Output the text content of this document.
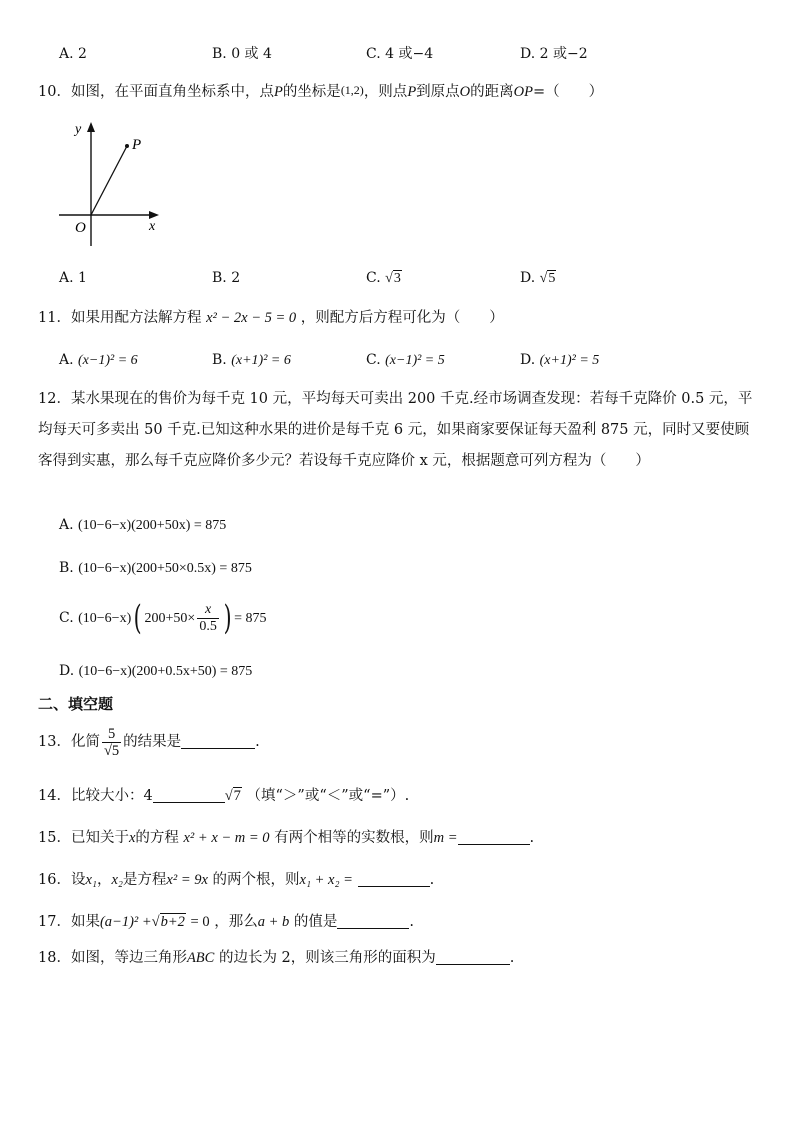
A. 2	B. 0 或 4	C. 4 或−4	D. 2 或−2
10．如图，在平面直角坐标系中，点P的坐标是(1,2)，则点P到原点O的距离OP=（　　）
y
P
x
O
A. 1	B. 2	C. √3	D. √5
11．如果用配方法解方程 x² − 2x − 5 = 0 ，则配方后方程可化为（　　）
A. (x−1)² = 6	B. (x+1)² = 6	C. (x−1)² = 5	D. (x+1)² = 5
12．某水果现在的售价为每千克 10 元，平均每天可卖出 200 千克.经市场调查发现：若每千克降价 0.5 元，平均每天可多卖出 50 千克.已知这种水果的进价是每千克 6 元，如果商家要保证每天盈利 875 元，同时又要使顾客得到实惠，那么每千克应降价多少元？若设每千克应降价 x 元，根据题意可列方程为（　　）
A. (10−6−x)(200+50x) = 875
B. (10−6−x)(200+50×0.5x) = 875
C. (10−6−x)( $200+50\times \frac{x}{0.5}$ ) = 875
D. (10−6−x)(200+0.5x+50) = 875
二、填空题
13．化简 $\frac{5}{√5}$ 的结果是	.
14．比较大小：4	√7 （填“＞”或“＜”或“=”）.
15．已知关于x的方程 x² + x − m = 0 有两个相等的实数根，则m =	.
16．设x₁，x₂是方程x² = 9x 的两个根，则x₁ + x₂ =	.
17．如果(a−1)² +√b+2 = 0 ，那么a + b 的值是	.
18．如图，等边三角形ABC 的边长为 2，则该三角形的面积为	.
